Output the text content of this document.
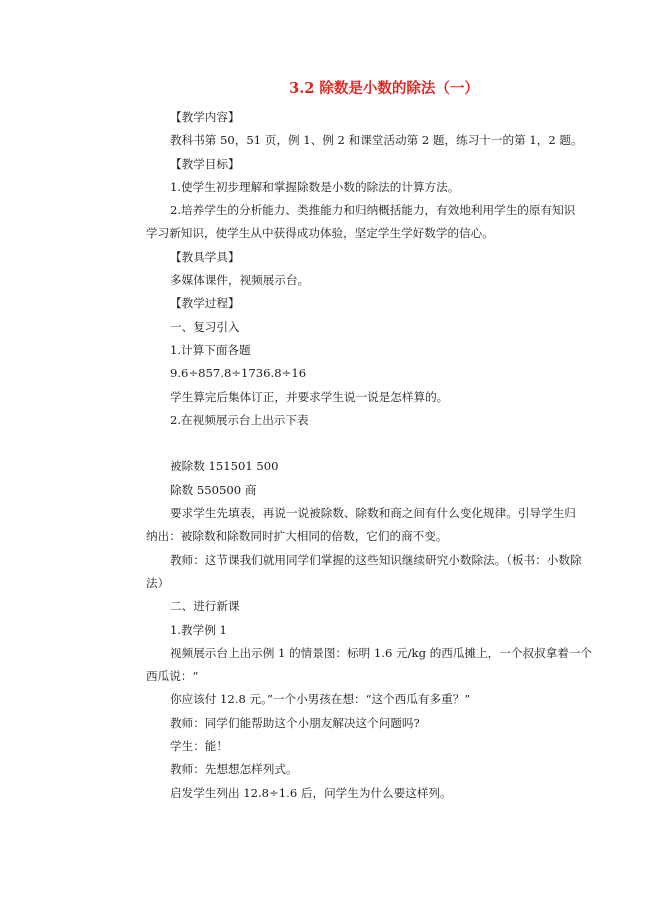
3.2 除数是小数的除法（一）
【教学内容】
教科书第 50，51 页，例 1、例 2 和课堂活动第 2 题，练习十一的第 1，2 题。
【教学目标】
1.使学生初步理解和掌握除数是小数的除法的计算方法。
2.培养学生的分析能力、类推能力和归纳概括能力，有效地利用学生的原有知识
学习新知识，使学生从中获得成功体验，坚定学生学好数学的信心。
【教具学具】
多媒体课件，视频展示台。
【教学过程】
一、复习引入
1.计算下面各题
9.6÷857.8÷1736.8÷16
学生算完后集体订正，并要求学生说一说是怎样算的。
2.在视频展示台上出示下表
被除数 151501 500
除数 550500 商
要求学生先填表，再说一说被除数、除数和商之间有什么变化规律。引导学生归
纳出：被除数和除数同时扩大相同的倍数，它们的商不变。
教师：这节课我们就用同学们掌握的这些知识继续研究小数除法。（板书：小数除
法）
二、进行新课
1.教学例 1
视频展示台上出示例 1 的情景图：标明 1.6 元/kg 的西瓜摊上，一个叔叔拿着一个
西瓜说：“
你应该付 12.8 元。”一个小男孩在想：“这个西瓜有多重？”
教师：同学们能帮助这个小朋友解决这个问题吗?
学生：能！
教师：先想想怎样列式。
启发学生列出 12.8÷1.6 后，问学生为什么要这样列。
